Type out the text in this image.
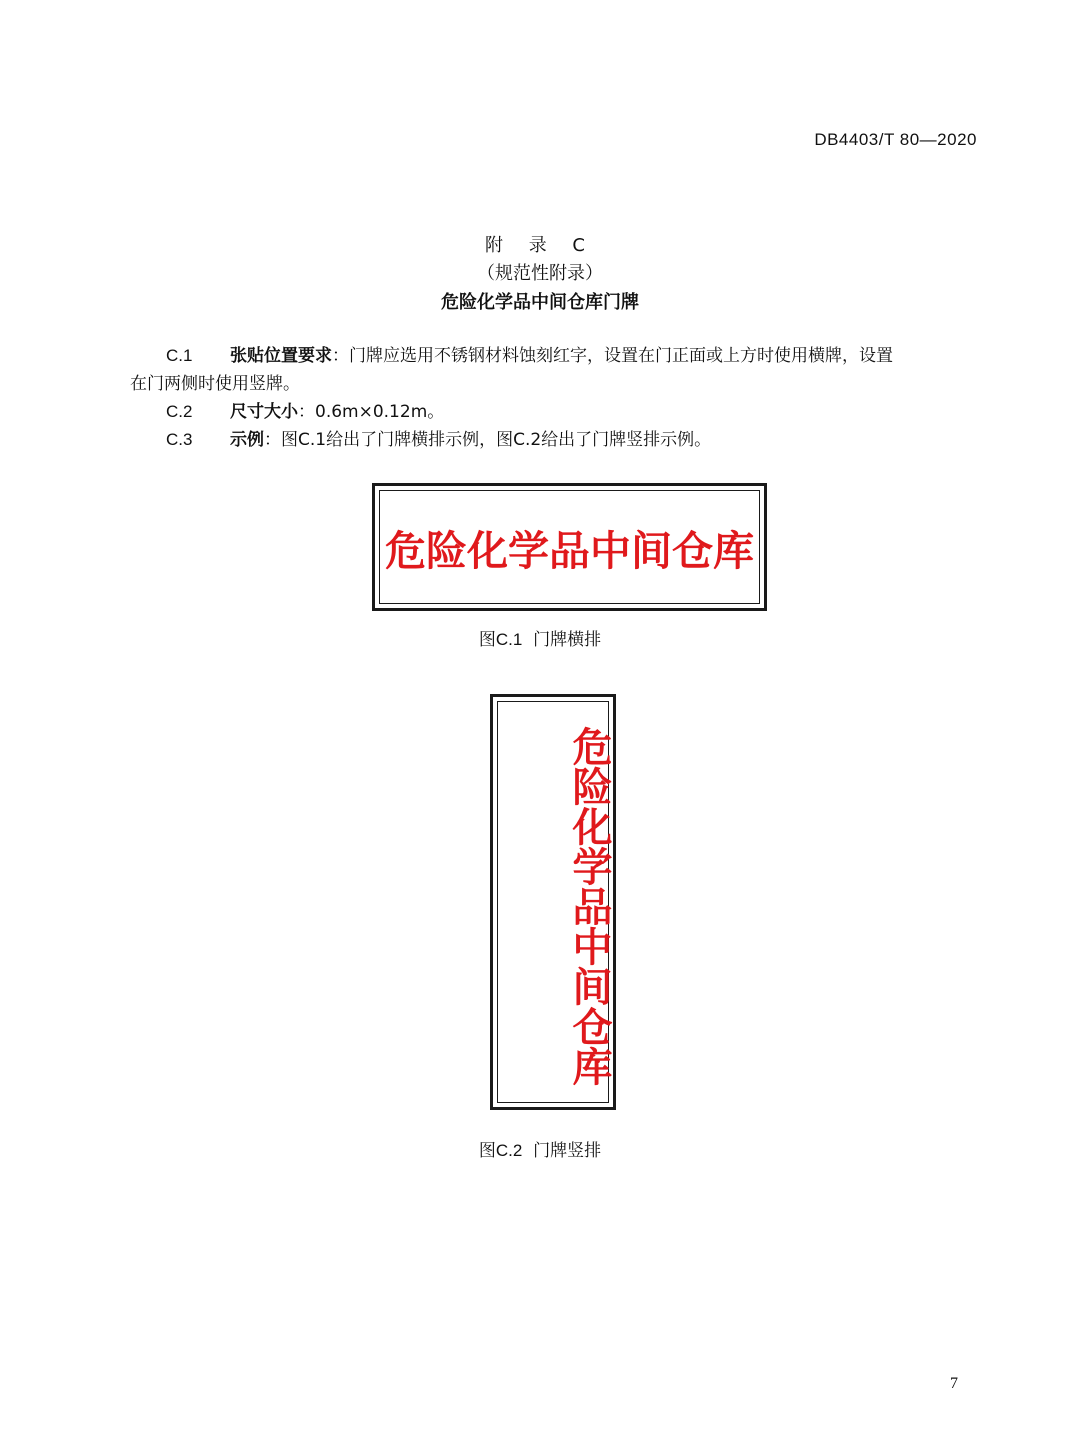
DB4403/T 80—2020
附 录 C
（规范性附录）
危险化学品中间仓库门牌

C.1 张贴位置要求：门牌应选用不锈钢材料蚀刻红字，设置在门正面或上方时使用横牌，设置

在门两侧时使用竖牌。

C.2 尺寸大小：0.6m×0.12m。

C.3 示例：图C.1给出了门牌横排示例，图C.2给出了门牌竖排示例。

危险化学品中间仓库
图C.1 门牌横排
危险化学品中间仓库
图C.2 门牌竖排
7
